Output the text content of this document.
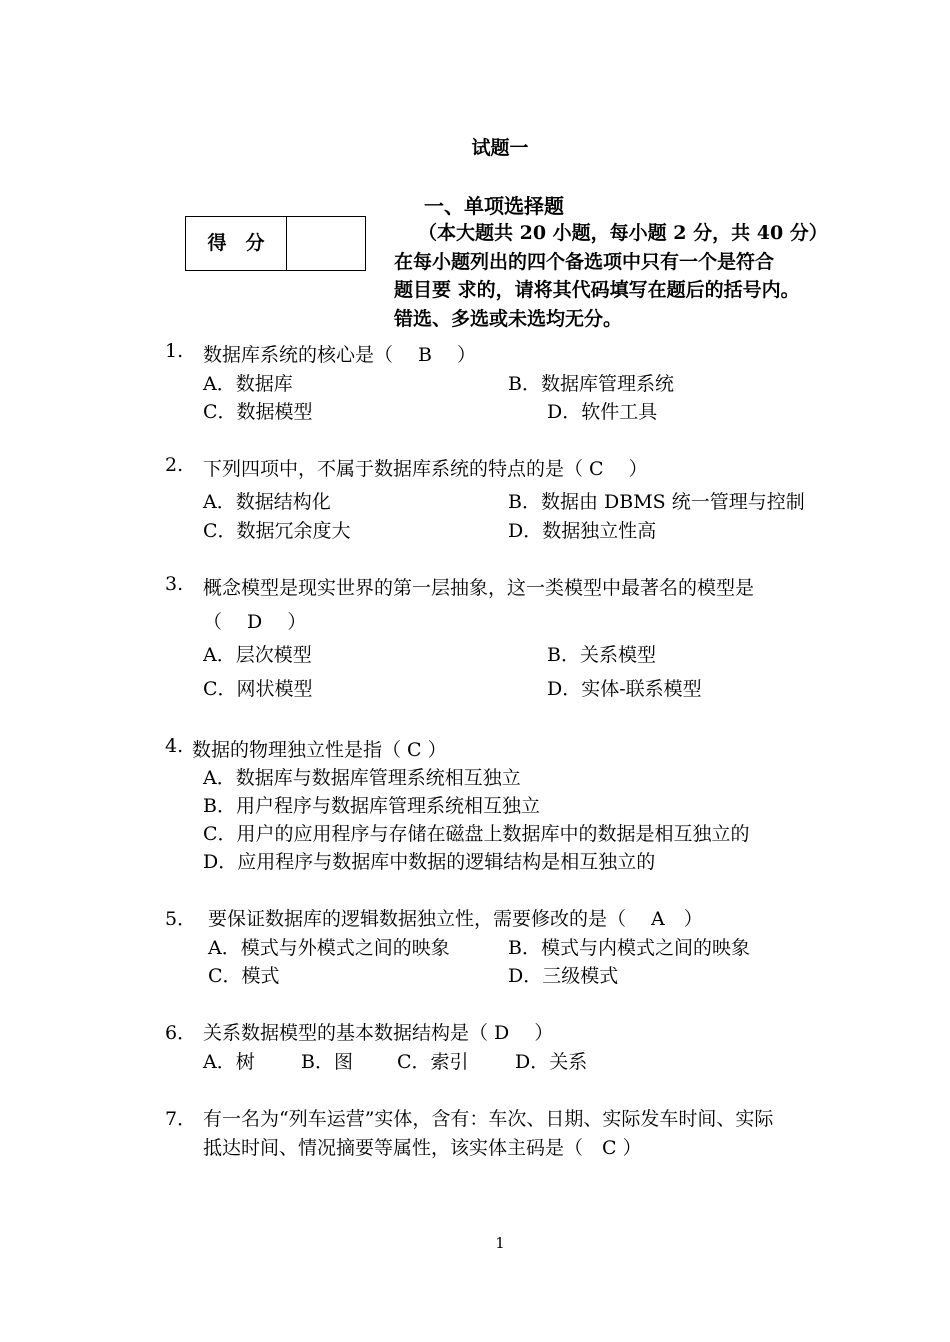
试题一
一、单项选择题
（本大题共 20 小题，每小题 2 分，共 40 分）
在每小题列出的四个备选项中只有一个是符合
题目要 求的，请将其代码填写在题后的括号内。
错选、多选或未选均无分。
得　分
1. 数据库系统的核心是（　 B　 ）
A．数据库	B．数据库管理系统
C．数据模型	D．软件工具
2. 下列四项中，不属于数据库系统的特点的是（ C　 ）
A．数据结构化	B．数据由 DBMS 统一管理与控制
C．数据冗余度大	D．数据独立性高
3. 概念模型是现实世界的第一层抽象，这一类模型中最著名的模型是
（　 D　 ）
A．层次模型	B．关系模型
C．网状模型	D．实体-联系模型
4. 数据的物理独立性是指（ C ）
A．数据库与数据库管理系统相互独立
B．用户程序与数据库管理系统相互独立
C．用户的应用程序与存储在磁盘上数据库中的数据是相互独立的
D．应用程序与数据库中数据的逻辑结构是相互独立的
5． 要保证数据库的逻辑数据独立性，需要修改的是（　 A　）
A．模式与外模式之间的映象	B．模式与内模式之间的映象
C．模式	D．三级模式
6． 关系数据模型的基本数据结构是（ D　 ）
A．树 B．图 C．索引 D．关系
7． 有一名为“列车运营”实体，含有：车次、日期、实际发车时间、实际
抵达时间、情况摘要等属性，该实体主码是（　C ）
1
